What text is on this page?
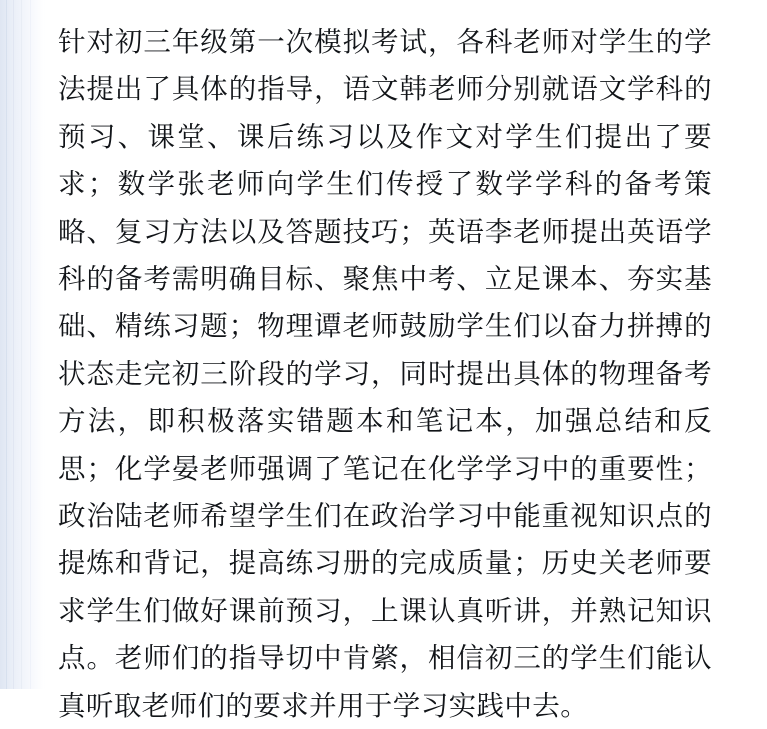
针对初三年级第一次模拟考试，各科老师对学生的学法提出了具体的指导，语文韩老师分别就语文学科的预习、课堂、课后练习以及作文对学生们提出了要求；数学张老师向学生们传授了数学学科的备考策略、复习方法以及答题技巧；英语李老师提出英语学科的备考需明确目标、聚焦中考、立足课本、夯实基础、精练习题；物理谭老师鼓励学生们以奋力拼搏的状态走完初三阶段的学习，同时提出具体的物理备考方法，即积极落实错题本和笔记本，加强总结和反思；化学晏老师强调了笔记在化学学习中的重要性；政治陆老师希望学生们在政治学习中能重视知识点的提炼和背记，提高练习册的完成质量；历史关老师要求学生们做好课前预习，上课认真听讲，并熟记知识点。老师们的指导切中肯綮，相信初三的学生们能认真听取老师们的要求并用于学习实践中去。
